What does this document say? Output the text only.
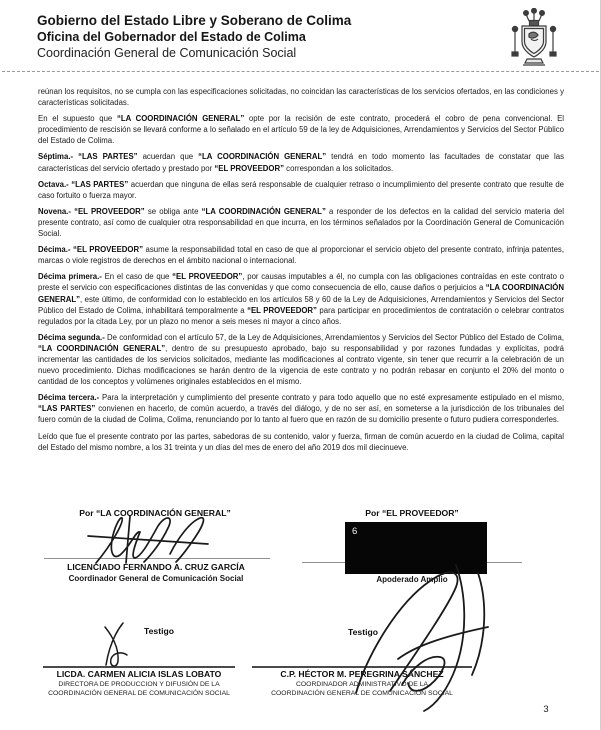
Gobierno del Estado Libre y Soberano de Colima
Oficina del Gobernador del Estado de Colima
Coordinación General de Comunicación Social

reúnan los requisitos, no se cumpla con las especificaciones solicitadas, no coincidan las características de los servicios ofertados, en las condiciones y características solicitadas.

En el supuesto que “LA COORDINACIÓN GENERAL” opte por la recisión de este contrato, procederá el cobro de pena convencional. El procedimiento de rescisión se llevará conforme a lo señalado en el artículo 59 de la ley de Adquisiciones, Arrendamientos y Servicios del Sector Público del Estado de Colima.

Séptima.- “LAS PARTES” acuerdan que “LA COORDINACIÓN GENERAL” tendrá en todo momento las facultades de constatar que las características del servicio ofertado y prestado por “EL PROVEEDOR” correspondan a los solicitados.

Octava.- “LAS PARTES” acuerdan que ninguna de ellas será responsable de cualquier retraso o incumplimiento del presente contrato que resulte de caso fortuito o fuerza mayor.

Novena.- “EL PROVEEDOR” se obliga ante “LA COORDINACIÓN GENERAL” a responder de los defectos en la calidad del servicio materia del presente contrato, así como de cualquier otra responsabilidad en que incurra, en los términos señalados por la Coordinación General de Comunicación Social.

Décima.- “EL PROVEEDOR” asume la responsabilidad total en caso de que al proporcionar el servicio objeto del presente contrato, infrinja patentes, marcas o viole registros de derechos en el ámbito nacional o internacional.

Décima primera.- En el caso de que “EL PROVEEDOR”, por causas imputables a él, no cumpla con las obligaciones contraídas en este contrato o preste el servicio con especificaciones distintas de las convenidas y que como consecuencia de ello, cause daños o perjuicios a “LA COORDINACIÓN GENERAL”, este último, de conformidad con lo establecido en los artículos 58 y 60 de la Ley de Adquisiciones, Arrendamientos y Servicios del Sector Público del Estado de Colima, inhabilitará temporalmente a “EL PROVEEDOR” para participar en procedimientos de contratación o celebrar contratos regulados por la citada Ley, por un plazo no menor a seis meses ni mayor a cinco años.

Décima segunda.- De conformidad con el artículo 57, de la Ley de Adquisiciones, Arrendamientos y Servicios del Sector Público del Estado de Colima, “LA COORDINACIÓN GENERAL”, dentro de su presupuesto aprobado, bajo su responsabilidad y por razones fundadas y explícitas, podrá incrementar las cantidades de los servicios solicitados, mediante las modificaciones al contrato vigente, sin tener que recurrir a la celebración de un nuevo procedimiento. Dichas modificaciones se harán dentro de la vigencia de este contrato y no podrán rebasar en conjunto el 20% del monto o cantidad de los conceptos y volúmenes originales establecidos en el mismo.

Décima tercera.- Para la interpretación y cumplimiento del presente contrato y para todo aquello que no esté expresamente estipulado en el mismo, “LAS PARTES” convienen en hacerlo, de común acuerdo, a través del diálogo, y de no ser así, en someterse a la jurisdicción de los tribunales del fuero común de la ciudad de Colima, Colima, renunciando por lo tanto al fuero que en razón de su domicilio presente o futuro pudiera corresponderles.

Leído que fue el presente contrato por las partes, sabedoras de su contenido, valor y fuerza, firman de común acuerdo en la ciudad de Colima, capital del Estado del mismo nombre, a los 31 treinta y un días del mes de enero del año 2019 dos mil diecinueve.

Por “LA COORDINACIÓN GENERAL”
LICENCIADO FERNANDO A. CRUZ GARCÍA
Coordinador General de Comunicación Social
Testigo
LICDA. CARMEN ALICIA ISLAS LOBATO
DIRECTORA DE PRODUCCION Y DIFUSIÓN DE LA
COORDINACIÓN GENERAL DE COMUNICACIÓN SOCIAL
Por “EL PROVEEDOR”
6
Apoderado Amplio
Testigo
C.P. HÉCTOR M. PEREGRINA SÁNCHEZ
COORDINADOR ADMINISTRATIVO DE LA
COORDINACIÓN GENERAL DE COMUNICACIÓN SOCIAL
3
